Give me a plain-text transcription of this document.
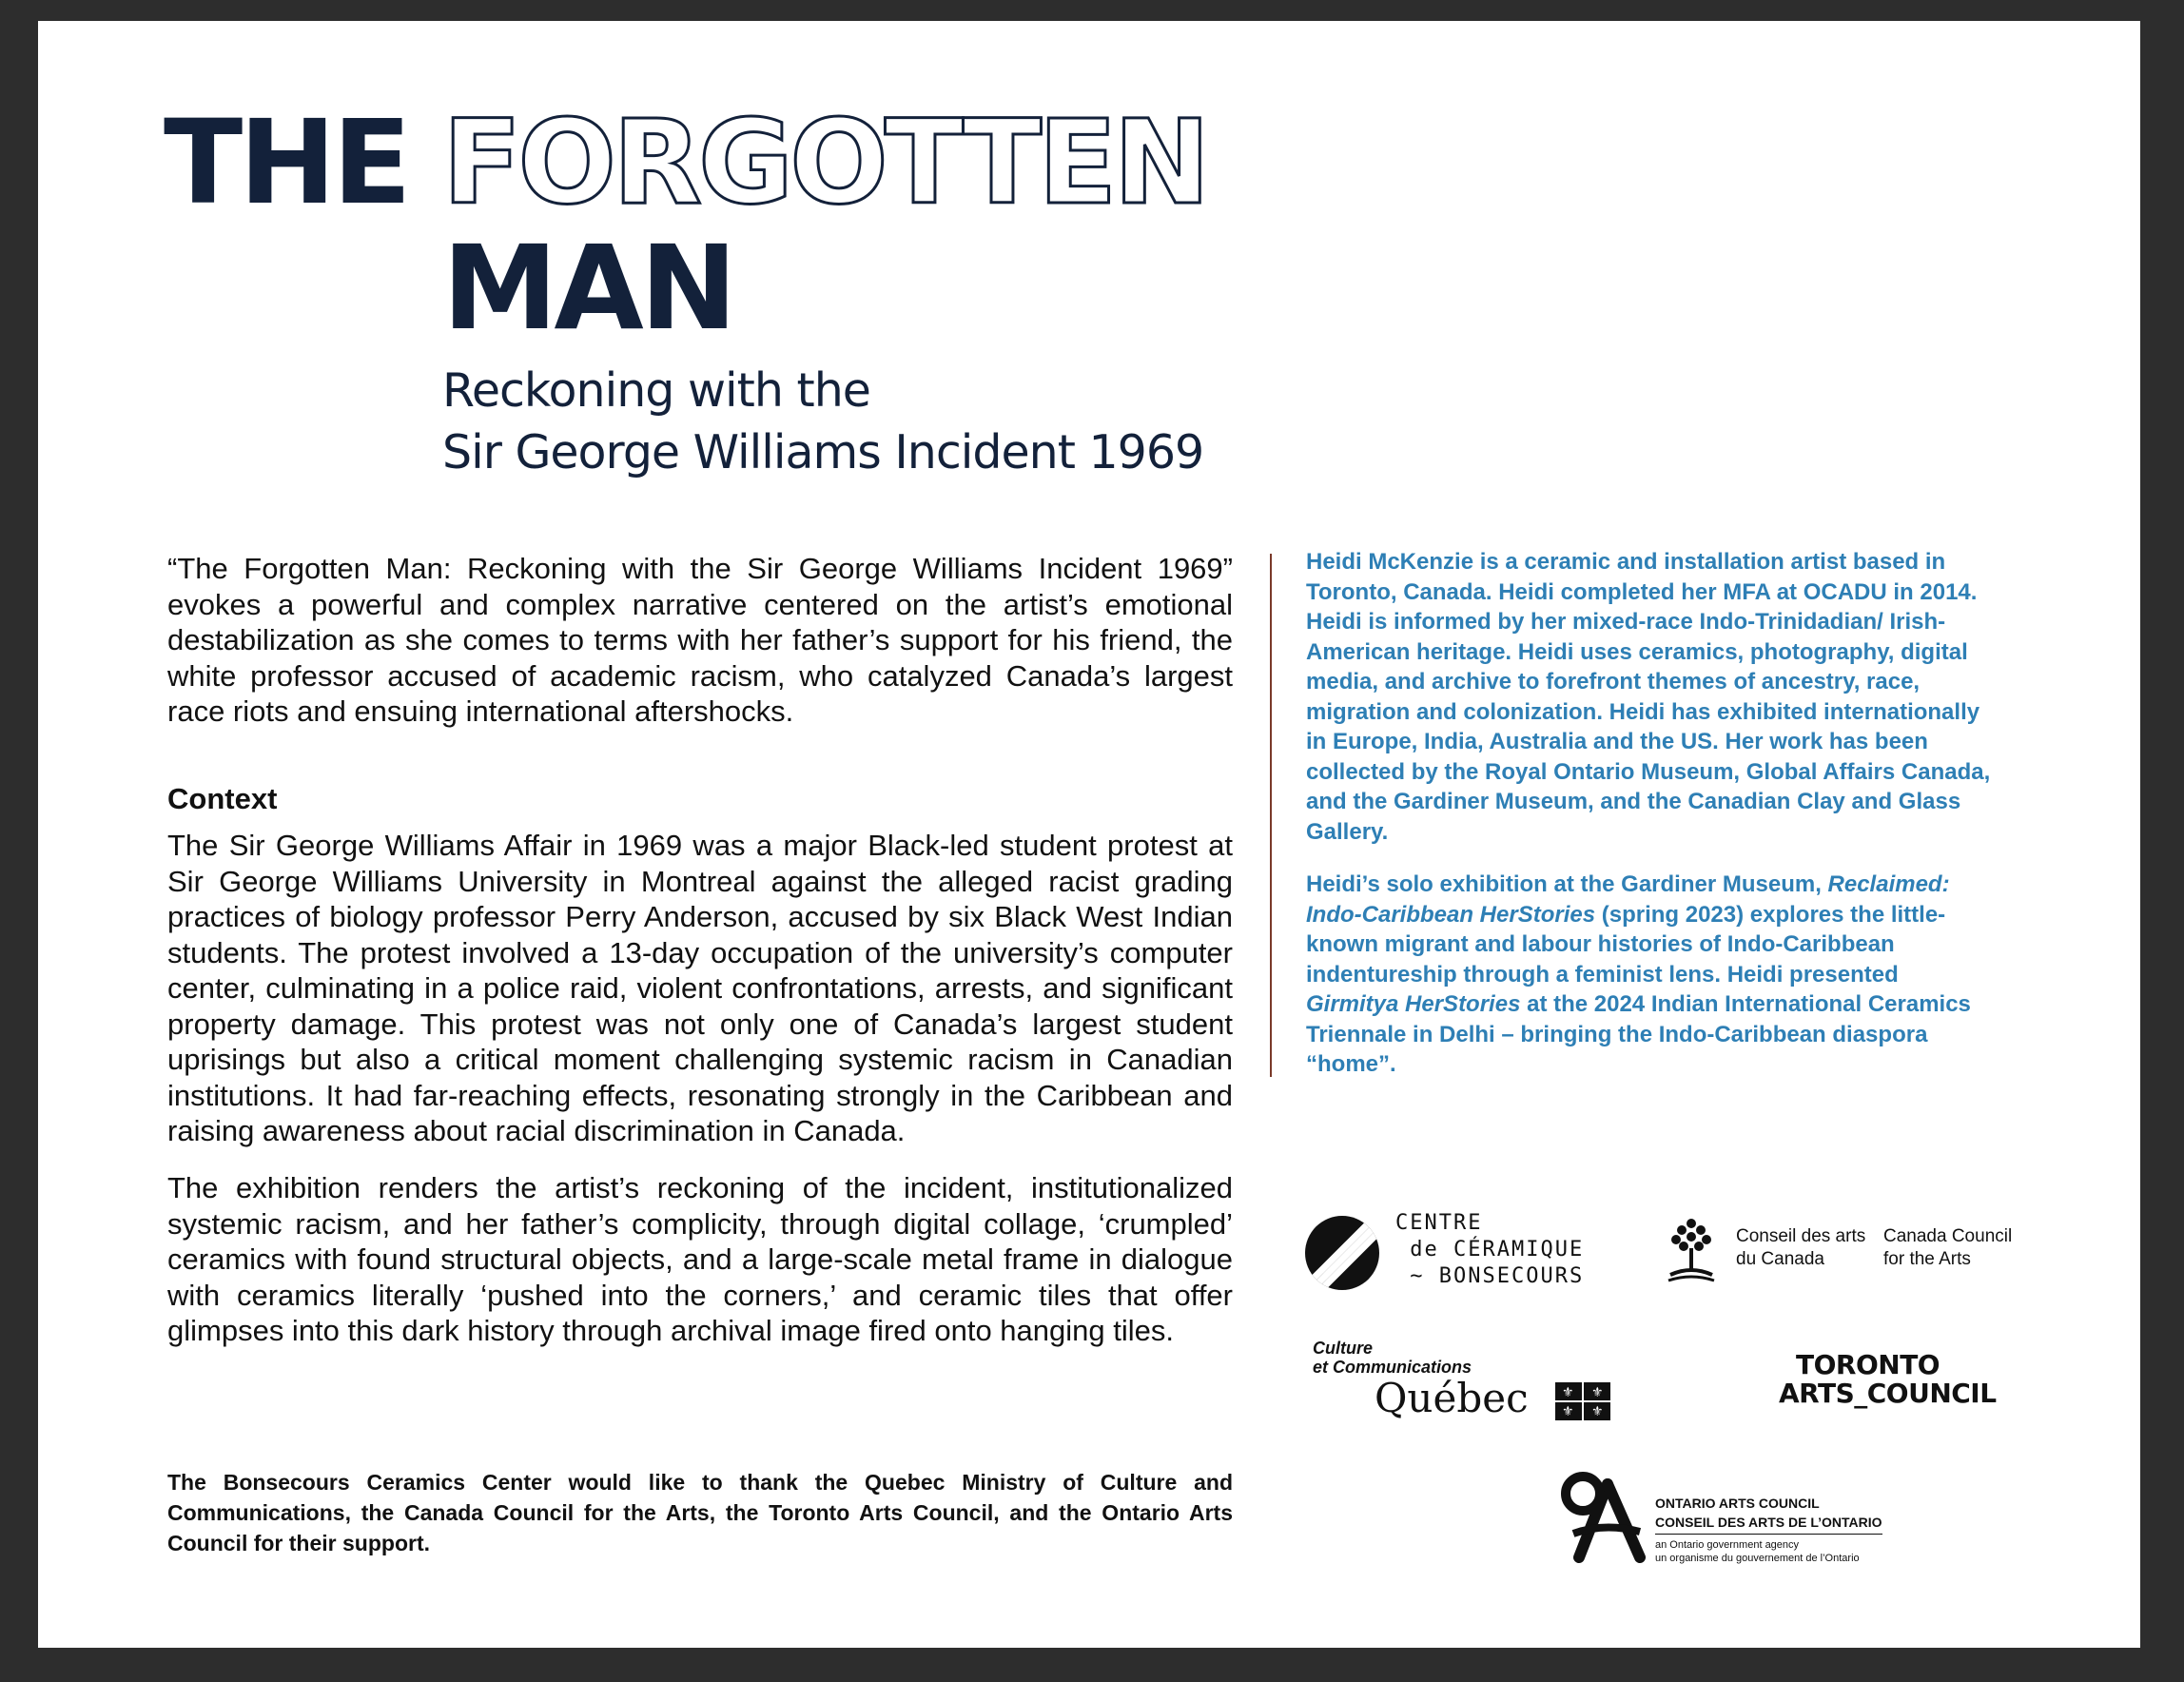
THE FORGOTTEN
MAN
Reckoning with the
Sir George Williams Incident 1969

“The Forgotten Man: Reckoning with the Sir George Williams Incident 1969” evokes a powerful and complex narrative centered on the artist’s emotional destabilization as she comes to terms with her father’s support for his friend, the white professor accused of academic racism, who catalyzed Canada’s largest race riots and ensuing international aftershocks.

Context

The Sir George Williams Affair in 1969 was a major Black-led student protest at Sir George Williams University in Montreal against the alleged racist grading practices of biology professor Perry Anderson, accused by six Black West Indian students. The protest involved a 13-day occupation of the university’s computer center, culminating in a police raid, violent confrontations, arrests, and significant property damage. This protest was not only one of Canada’s largest student uprisings but also a critical moment challenging systemic racism in Canadian institutions. It had far-reaching effects, resonating strongly in the Caribbean and raising awareness about racial discrimination in Canada.

The exhibition renders the artist’s reckoning of the incident, institutionalized systemic racism, and her father’s complicity, through digital collage, ‘crumpled’ ceramics with found structural objects, and a large-scale metal frame in dialogue with ceramics literally ‘pushed into the corners,’ and ceramic tiles that offer glimpses into this dark history through archival image fired onto hanging tiles.

The Bonsecours Ceramics Center would like to thank the Quebec Ministry of Culture and Communications, the Canada Council for the Arts, the Toronto Arts Council, and the Ontario Arts Council for their support.

Heidi McKenzie is a ceramic and installation artist based in Toronto, Canada. Heidi completed her MFA at OCADU in 2014. Heidi is informed by her mixed-race Indo-Trinidadian/ Irish-American heritage. Heidi uses ceramics, photography, digital media, and archive to forefront themes of ancestry, race, migration and colonization. Heidi has exhibited internationally in Europe, India, Australia and the US. Her work has been collected by the Royal Ontario Museum, Global Affairs Canada, and the Gardiner Museum, and the Canadian Clay and Glass Gallery.

Heidi’s solo exhibition at the Gardiner Museum, Reclaimed: Indo-Caribbean HerStories (spring 2023) explores the little-known migrant and labour histories of Indo-Caribbean indentureship through a feminist lens. Heidi presented Girmitya HerStories at the 2024 Indian International Ceramics Triennale in Delhi – bringing the Indo-Caribbean diaspora “home”.

CENTRE
de CÉRAMIQUE
~ BONSECOURS
Conseil des arts
du Canada
Canada Council
for the Arts
Culture
et Communications
Québec	⚜ ⚜
⚜ ⚜
TORONTO
ARTS_COUNCIL
ONTARIO ARTS COUNCIL
CONSEIL DES ARTS DE L’ONTARIO
an Ontario government agency
un organisme du gouvernement de l’Ontario
